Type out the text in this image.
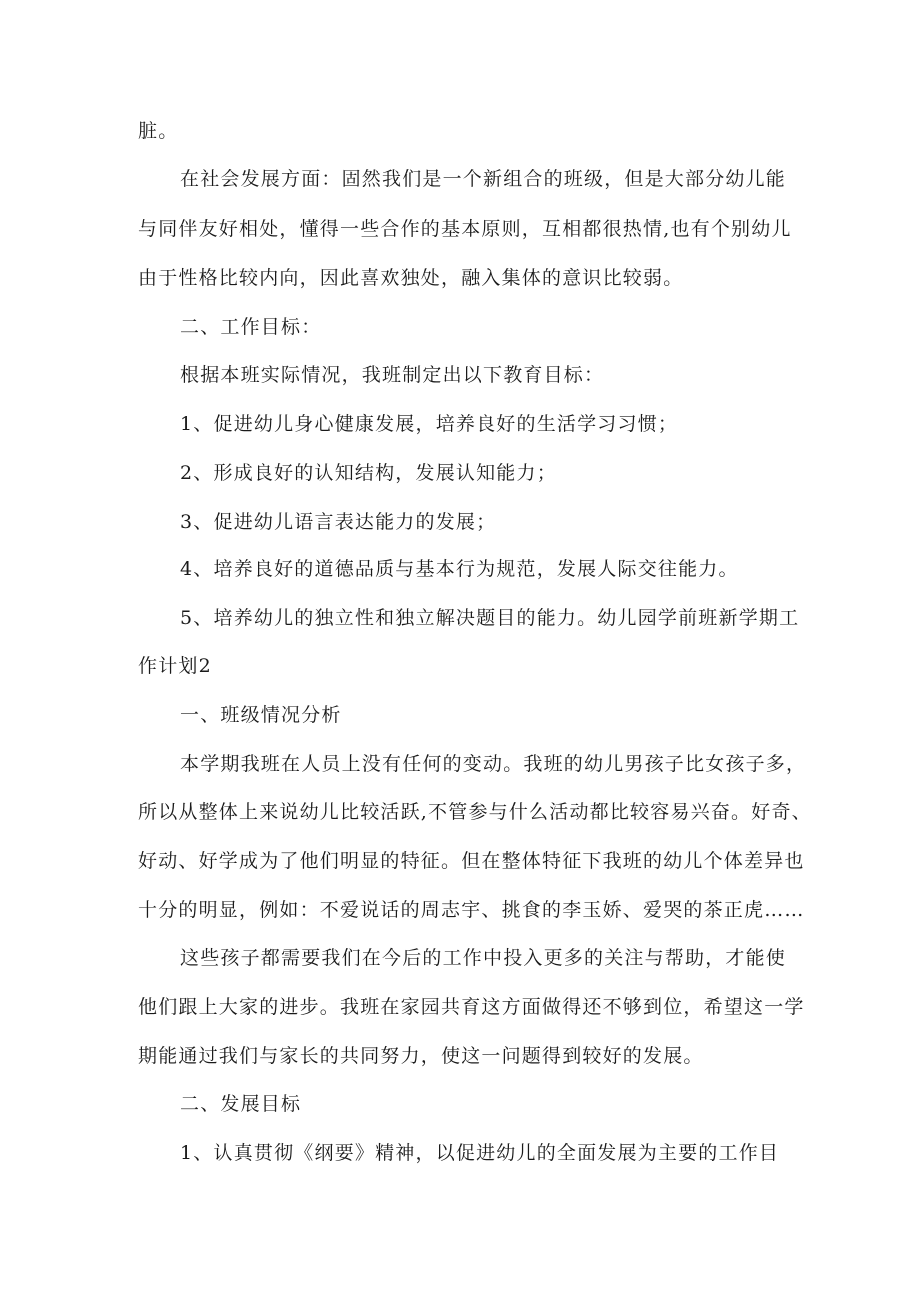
脏。
在社会发展方面：固然我们是一个新组合的班级，但是大部分幼儿能
与同伴友好相处，懂得一些合作的基本原则，互相都很热情,也有个别幼儿
由于性格比较内向，因此喜欢独处，融入集体的意识比较弱。
二、工作目标：
根据本班实际情况，我班制定出以下教育目标：
1、促进幼儿身心健康发展，培养良好的生活学习习惯；
2、形成良好的认知结构，发展认知能力；
3、促进幼儿语言表达能力的发展；
4、培养良好的道德品质与基本行为规范，发展人际交往能力。
5、培养幼儿的独立性和独立解决题目的能力。幼儿园学前班新学期工
作计划2
一、班级情况分析
本学期我班在人员上没有任何的变动。我班的幼儿男孩子比女孩子多，
所以从整体上来说幼儿比较活跃,不管参与什么活动都比较容易兴奋。好奇、
好动、好学成为了他们明显的特征。但在整体特征下我班的幼儿个体差异也
十分的明显，例如：不爱说话的周志宇、挑食的李玉娇、爱哭的茶正虎……
这些孩子都需要我们在今后的工作中投入更多的关注与帮助，才能使
他们跟上大家的进步。我班在家园共育这方面做得还不够到位，希望这一学
期能通过我们与家长的共同努力，使这一问题得到较好的发展。
二、发展目标
1、认真贯彻《纲要》精神，以促进幼儿的全面发展为主要的工作目
